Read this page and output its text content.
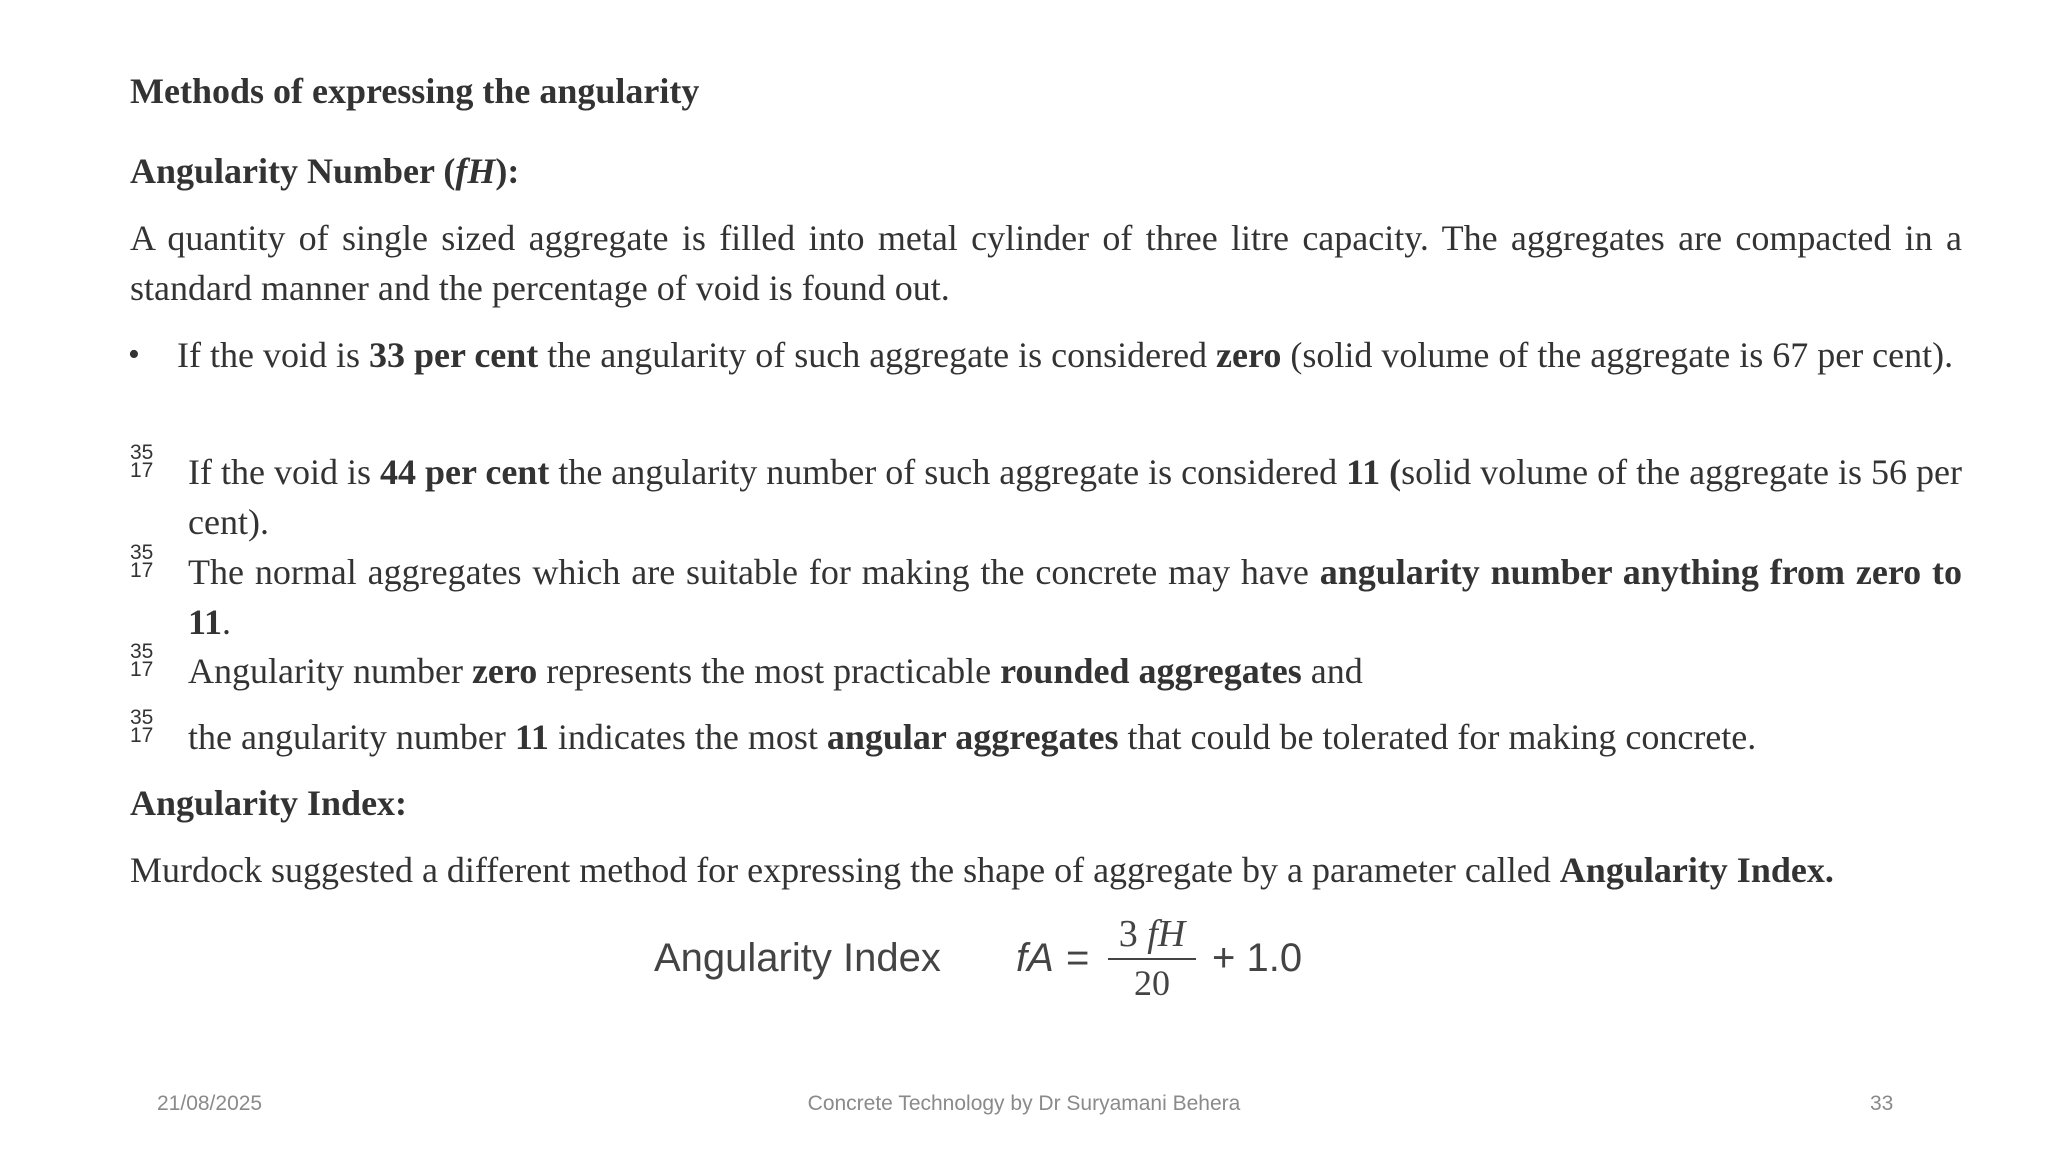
Methods of expressing the angularity
Angularity Number (fH):
A quantity of single sized aggregate is filled into metal cylinder of three litre capacity. The aggregates are compacted in a standard manner and the percentage of void is found out.
• If the void is 33 per cent the angularity of such aggregate is considered zero (solid volume of the aggregate is 67 per cent).
35
17 If the void is 44 per cent the angularity number of such aggregate is considered 11 (solid volume of the aggregate is 56 per cent).
35
17 The normal aggregates which are suitable for making the concrete may have angularity number anything from zero to 11.
35
17 Angularity number zero represents the most practicable rounded aggregates and
35
17 the angularity number 11 indicates the most angular aggregates that could be tolerated for making concrete.
Angularity Index:
Murdock suggested a different method for expressing the shape of aggregate by a parameter called Angularity Index.
Angularity Index fA =
3 fH
20
+ 1.0
21/08/2025	Concrete Technology by Dr Suryamani Behera	33
